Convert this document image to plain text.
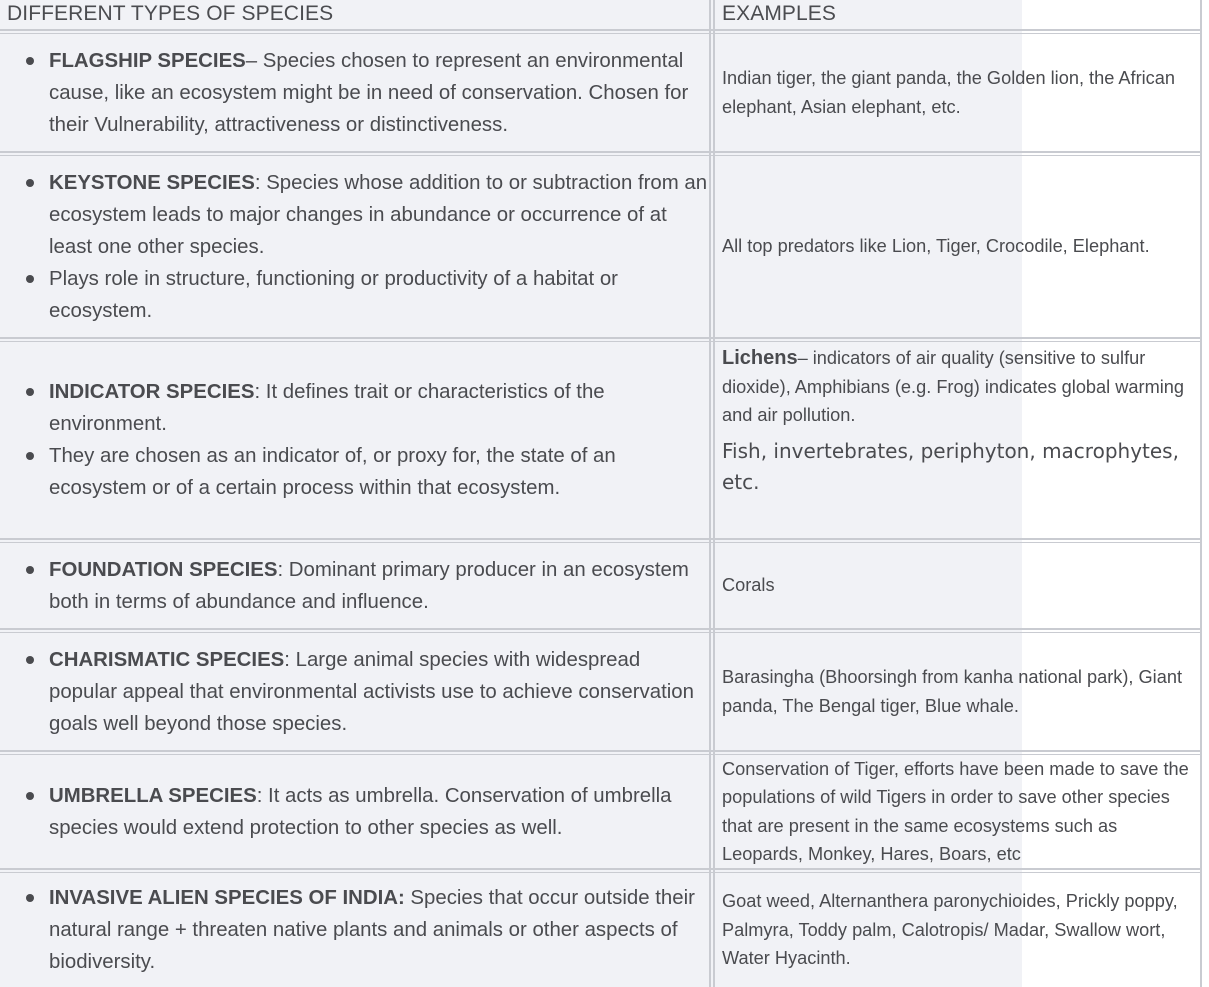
DIFFERENT TYPES OF SPECIES	EXAMPLES
FLAGSHIP SPECIES– Species chosen to represent an environmental cause, like an ecosystem might be in need of conservation. Chosen for their Vulnerability, attractiveness or distinctiveness.

Indian tiger, the giant panda, the Golden lion, the African elephant, Asian elephant, etc.

KEYSTONE SPECIES: Species whose addition to or subtraction from an ecosystem leads to major changes in abundance or occurrence of at least one other species.
Plays role in structure, functioning or productivity of a habitat or ecosystem.

All top predators like Lion, Tiger, Crocodile, Elephant.

INDICATOR SPECIES: It defines trait or characteristics of the environment.
They are chosen as an indicator of, or proxy for, the state of an ecosystem or of a certain process within that ecosystem.

Lichens– indicators of air quality (sensitive to sulfur dioxide), Amphibians (e.g. Frog) indicates global warming and air pollution.

Fish, invertebrates, periphyton, macrophytes, etc.

FOUNDATION SPECIES: Dominant primary producer in an ecosystem both in terms of abundance and influence.

Corals

CHARISMATIC SPECIES: Large animal species with widespread popular appeal that environmental activists use to achieve conservation goals well beyond those species.

Barasingha (Bhoorsingh from kanha national park), Giant panda, The Bengal tiger, Blue whale.

UMBRELLA SPECIES: It acts as umbrella. Conservation of umbrella species would extend protection to other species as well.

Conservation of Tiger, efforts have been made to save the populations of wild Tigers in order to save other species that are present in the same ecosystems such as Leopards, Monkey, Hares, Boars, etc

INVASIVE ALIEN SPECIES OF INDIA: Species that occur outside their natural range + threaten native plants and animals or other aspects of biodiversity.

Goat weed, Alternanthera paronychioides, Prickly poppy, Palmyra, Toddy palm, Calotropis/ Madar, Swallow wort, Water Hyacinth.
